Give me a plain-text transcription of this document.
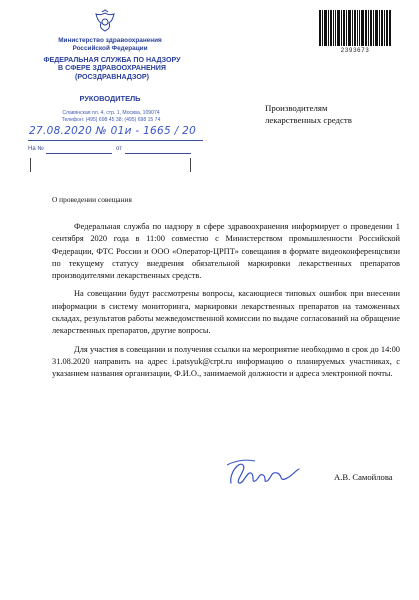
Министерство здравоохранения
Российской Федерации
ФЕДЕРАЛЬНАЯ СЛУЖБА ПО НАДЗОРУ
В СФЕРЕ ЗДРАВООХРАНЕНИЯ
(РОСЗДРАВНАДЗОР)
РУКОВОДИТЕЛЬ
Славянская пл. 4, стр. 1, Москва, 109074
Телефон: (495) 698 45 38; (495) 698 15 74
27.08.2020 № 01и - 1665 / 20
На №	от
2393673
Производителям
лекарственных средств
О проведении совещания

Федеральная служба по надзору в сфере здравоохранения информирует о проведении 1 сентября 2020 года в 11:00 совместно с Министерством промышленности Российской Федерации, ФТС России и ООО «Оператор-ЦРПТ» совещания в формате видеоконференцсвязи по текущему статусу внедрения обязательной маркировки лекарственных препаратов производителями лекарственных средств.

На совещании будут рассмотрены вопросы, касающиеся типовых ошибок при внесении информации в систему мониторинга, маркировки лекарственных препаратов на таможенных складах, результатов работы межведомственной комиссии по выдаче согласований на обращение лекарственных препаратов, другие вопросы.

Для участия в совещании и получения ссылки на мероприятие необходимо в срок до 14:00 31.08.2020 направить на адрес i.patsyuk@crpt.ru информацию о планируемых участниках, с указанием названия организации, Ф.И.О., занимаемой должности и адреса электронной почты.

А.В. Самойлова
